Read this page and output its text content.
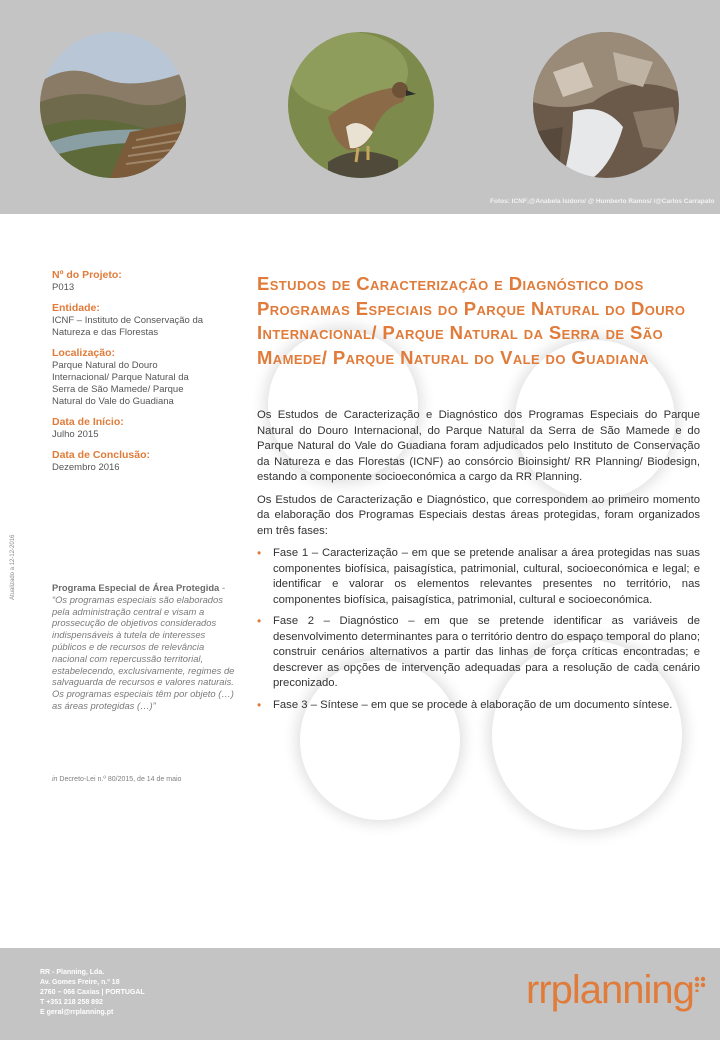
Fotos: ICNF;@Anabela Isidoro/ @ Humberto Ramos/ /@Carlos Carrapato
Nº do Projeto:
P013
Entidade:
ICNF – Instituto de Conservação da Natureza e das Florestas
Localização:
Parque Natural do Douro Internacional/ Parque Natural da Serra de São Mamede/ Parque Natural do Vale do Guadiana
Data de Início:
Julho 2015
Data de Conclusão:
Dezembro 2016
Atualizado a 12-12-2016	Programa Especial de Área Protegida - “Os programas especiais são elaborados pela administração central e visam a prossecução de objetivos considerados indispensáveis à tutela de interesses públicos e de recursos de relevância nacional com repercussão territorial, estabelecendo, exclusivamente, regimes de salvaguarda de recursos e valores naturais. Os programas especiais têm por objeto (…) as áreas protegidas (…)”
in Decreto-Lei n.º 80/2015, de 14 de maio
Estudos de Caracterização e Diagnóstico dos Programas Especiais do Parque Natural do Douro Internacional/ Parque Natural da Serra de São Mamede/ Parque Natural do Vale do Guadiana

Os Estudos de Caracterização e Diagnóstico dos Programas Especiais do Parque Natural do Douro Internacional, do Parque Natural da Serra de São Mamede e do Parque Natural do Vale do Guadiana foram adjudicados pelo Instituto de Conservação da Natureza e das Florestas (ICNF) ao consórcio Bioinsight/ RR Planning/ Biodesign, estando a componente socioeconómica a cargo da RR Planning.

Os Estudos de Caracterização e Diagnóstico, que correspondem ao primeiro momento da elaboração dos Programas Especiais destas áreas protegidas, foram organizados em três fases:

• Fase 1 – Caracterização – em que se pretende analisar a área protegidas nas suas componentes biofísica, paisagística, patrimonial, cultural, socioeconómica e legal; e identificar e valorar os elementos relevantes presentes no território, nas componentes biofísica, paisagística, patrimonial, cultural e socioeconómica.
• Fase 2 – Diagnóstico – em que se pretende identificar as variáveis de desenvolvimento determinantes para o território dentro do espaço temporal do plano; construir cenários alternativos a partir das linhas de força críticas encontradas; e descrever as opções de intervenção adequadas para a resolução de cada cenário preconizado.
• Fase 3 – Síntese – em que se procede à elaboração de um documento síntese.
RR - Planning, Lda.
Av. Gomes Freire, n.º 18
2760 – 066 Caxias | PORTUGAL
T +351 218 258 892
E geral@rrplanning.pt
rrplanning
